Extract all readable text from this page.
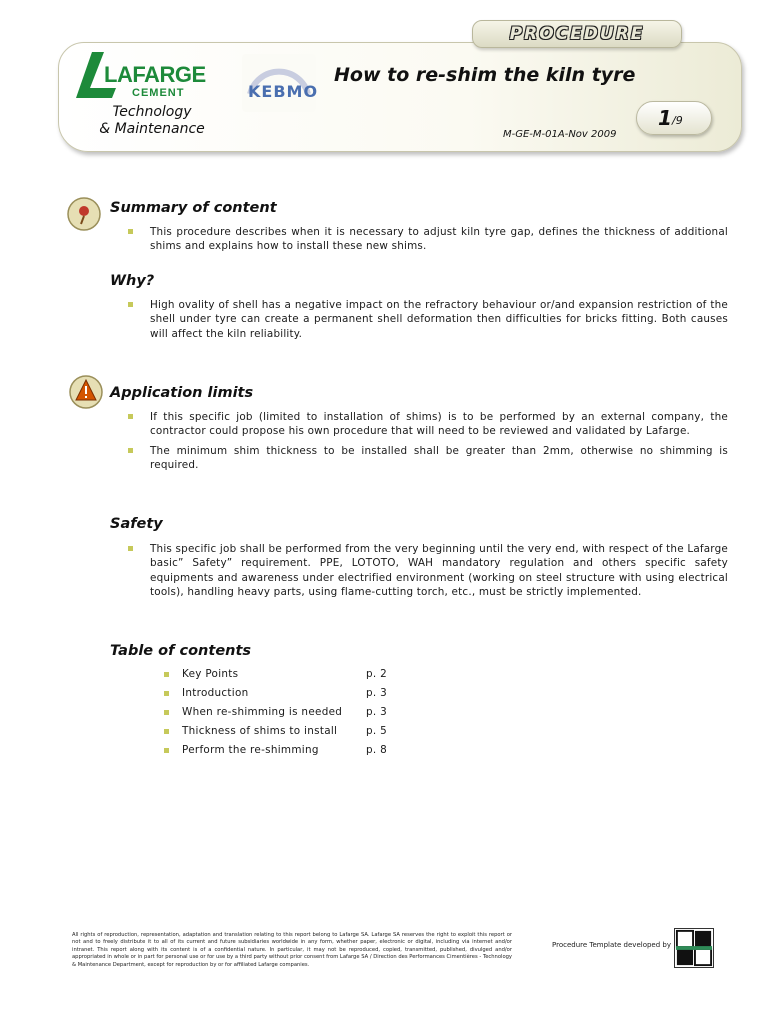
PROCEDURE
LAFARGE
CEMENT
Technology
& Maintenance
KEBMO
How to re-shim the kiln tyre
1 /9
M-GE-M-01A-Nov 2009
Summary of content
This procedure describes when it is necessary to adjust kiln tyre gap, defines the thickness of additional shims and explains how to install these new shims.
Why?
High ovality of shell has a negative impact on the refractory behaviour or/and expansion restriction of the shell under tyre can create a permanent shell deformation then difficulties for bricks fitting. Both causes will affect the kiln reliability.
Application limits
If this specific job (limited to installation of shims) is to be performed by an external company, the contractor could propose his own procedure that will need to be reviewed and validated by Lafarge.
The minimum shim thickness to be installed shall be greater than 2mm, otherwise no shimming is required.
Safety
This specific job shall be performed from the very beginning until the very end, with respect of the Lafarge basic” Safety” requirement. PPE, LOTOTO, WAH mandatory regulation and others specific safety equipments and awareness under electrified environment (working on steel structure with using electrical tools), handling heavy parts, using flame-cutting torch, etc., must be strictly implemented.
Table of contents
Key Points	p. 2
Introduction	p. 3
When re-shimming is needed p. 3
Thickness of shims to install	p. 5
Perform the re-shimming	p. 8
All rights of reproduction, representation, adaptation and translation relating to this report belong to Lafarge SA. Lafarge SA reserves the right to exploit this report or not and to freely distribute it to all of its current and future subsidiaries worldwide in any form, whether paper, electronic or digital, including via internet and/or intranet. This report along with its content is of a confidential nature. In particular, it may not be reproduced, copied, transmitted, published, divulged and/or appropriated in whole or in part for personal use or for use by a third party without prior consent from Lafarge SA / Direction des Performances Cimentières - Technology & Maintenance Department, except for reproduction by or for affiliated Lafarge companies.
Procedure Template developed by
